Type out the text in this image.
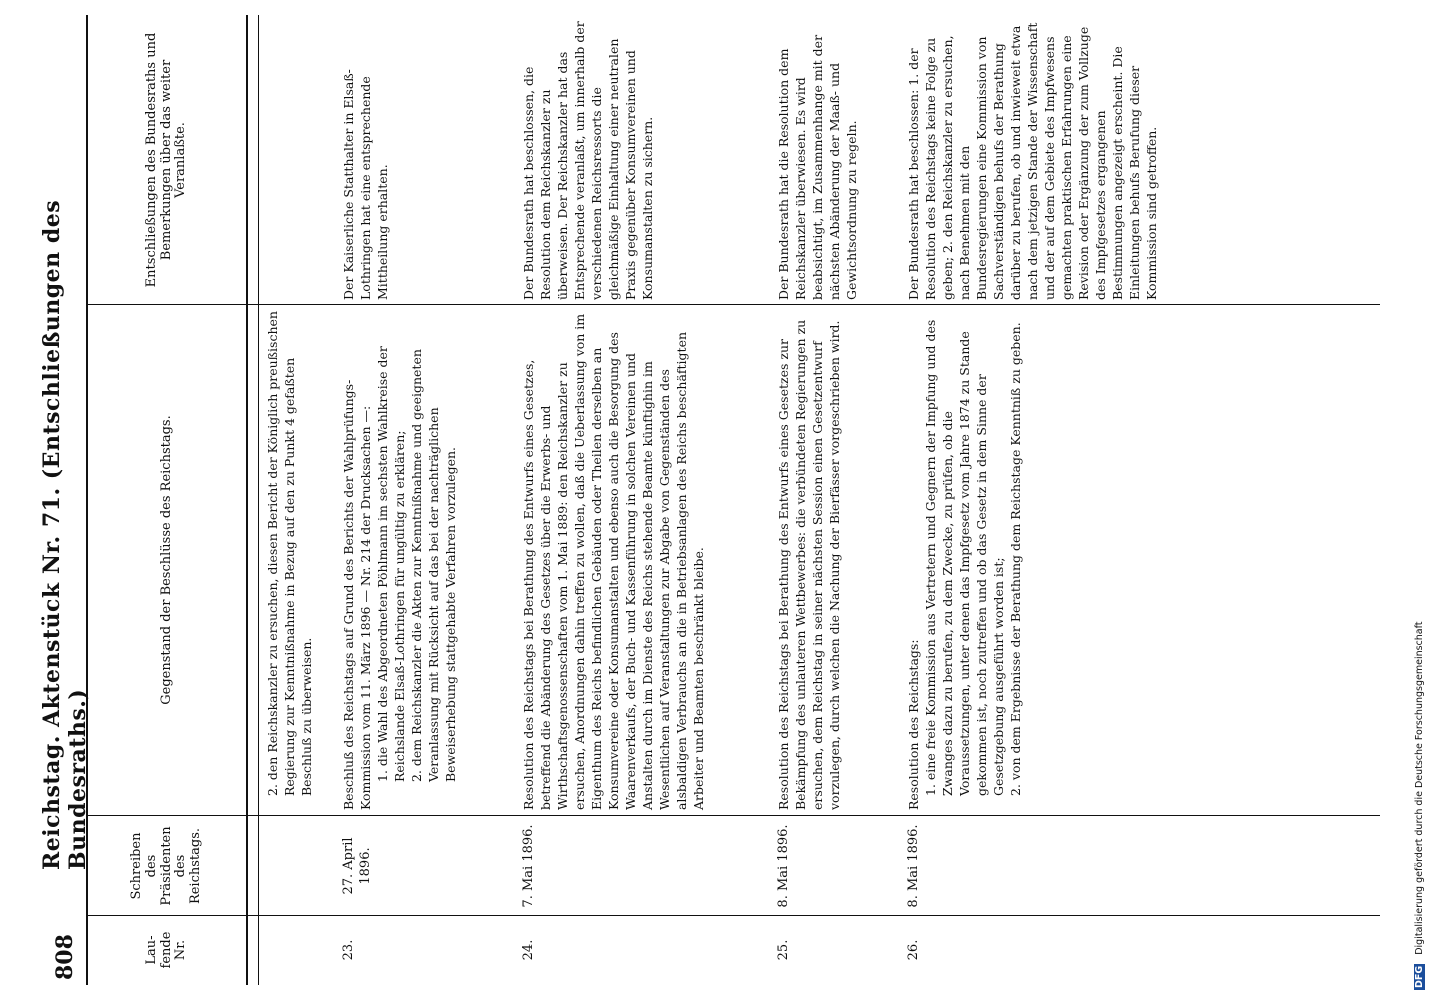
808
Reichstag. Aktenstück Nr. 71. (Entschließungen des Bundesraths.)
Lau-fende Nr.
Schreiben des Präsidenten des Reichstags.
Gegenstand der Beschlüsse des Reichstags.
Entschließungen des Bundesraths und Bemerkungen über das weiter Veranlaßte.

2. den Reichskanzler zu ersuchen, diesen Bericht der Königlich preußischen Regierung zur Kenntnißnahme in Bezug auf den zu Punkt 4 gefaßten Beschluß zu überweisen.

23.
27. April 1896.

Beschluß des Reichstags auf Grund des Berichts der Wahlprüfungs-Kommission vom 11. März 1896 — Nr. 214 der Drucksachen —: 1. die Wahl des Abgeordneten Pöhlmann im sechsten Wahlkreise der Reichslande Elsaß-Lothringen für ungültig zu erklären; 2. dem Reichskanzler die Akten zur Kenntnißnahme und geeigneten Veranlassung mit Rücksicht auf das bei der nachträglichen Beweiserhebung stattgehabte Verfahren vorzulegen.

Der Kaiserliche Statthalter in Elsaß-Lothringen hat eine entsprechende Mittheilung erhalten.
24.
7. Mai 1896.

Resolution des Reichstags bei Berathung des Entwurfs eines Gesetzes, betreffend die Abänderung des Gesetzes über die Erwerbs- und Wirthschaftsgenossenschaften vom 1. Mai 1889: den Reichskanzler zu ersuchen, Anordnungen dahin treffen zu wollen, daß die Ueberlassung von im Eigenthum des Reichs befindlichen Gebäuden oder Theilen derselben an Konsumvereine oder Konsumanstalten und ebenso auch die Besorgung des Waarenverkaufs, der Buch- und Kassenführung in solchen Vereinen und Anstalten durch im Dienste des Reichs stehende Beamte künftighin im Wesentlichen auf Veranstaltungen zur Abgabe von Gegenständen des alsbaldigen Verbrauchs an die in Betriebsanlagen des Reichs beschäftigten Arbeiter und Beamten beschränkt bleibe.

Der Bundesrath hat beschlossen, die Resolution dem Reichskanzler zu überweisen. Der Reichskanzler hat das Entsprechende veranlaßt, um innerhalb der verschiedenen Reichsressorts die gleichmäßige Einhaltung einer neutralen Praxis gegenüber Konsumvereinen und Konsumanstalten zu sichern.
25.
8. Mai 1896.

Resolution des Reichstags bei Berathung des Entwurfs eines Gesetzes zur Bekämpfung des unlauteren Wettbewerbes: die verbündeten Regierungen zu ersuchen, dem Reichstag in seiner nächsten Session einen Gesetzentwurf vorzulegen, durch welchen die Nachung der Bierfässer vorgeschrieben wird.

Der Bundesrath hat die Resolution dem Reichskanzler überwiesen. Es wird beabsichtigt, im Zusammenhange mit der nächsten Abänderung der Maaß- und Gewichtsordnung zu regeln.
26.
8. Mai 1896.

Resolution des Reichstags: 1. eine freie Kommission aus Vertretern und Gegnern der Impfung und des Zwanges dazu zu berufen, zu dem Zwecke, zu prüfen, ob die Voraussetzungen, unter denen das Impfgesetz vom Jahre 1874 zu Stande gekommen ist, noch zutreffen und ob das Gesetz in dem Sinne der Gesetzgebung ausgeführt worden ist; 2. von dem Ergebnisse der Berathung dem Reichstage Kenntniß zu geben.

Der Bundesrath hat beschlossen: 1. der Resolution des Reichstags keine Folge zu geben; 2. den Reichskanzler zu ersuchen, nach Benehmen mit den Bundesregierungen eine Kommission von Sachverständigen behufs der Berathung darüber zu berufen, ob und inwieweit etwa nach dem jetzigen Stande der Wissenschaft und der auf dem Gebiete des Impfwesens gemachten praktischen Erfahrungen eine Revision oder Ergänzung der zum Vollzuge des Impfgesetzes ergangenen Bestimmungen angezeigt erscheint. Die Einleitungen behufs Berufung dieser Kommission sind getroffen.
DFG Digitalisierung gefördert durch die Deutsche Forschungsgemeinschaft
